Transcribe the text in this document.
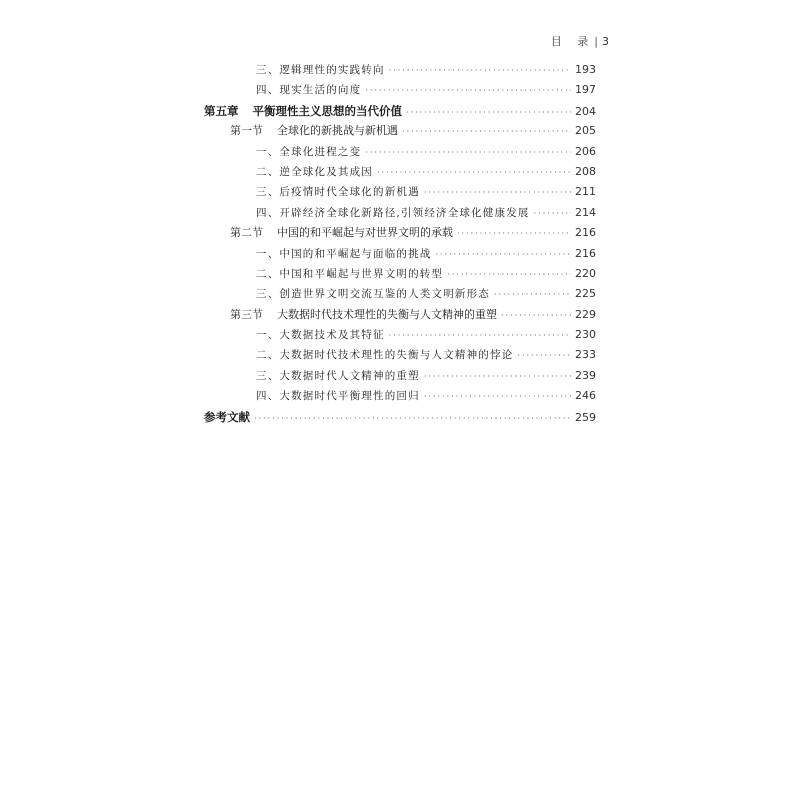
目 录| 3
三、逻辑理性的实践转向 ·····	193
四、现实生活的向度 ·····	197
第五章 平衡理性主义思想的当代价值 ·····	204
第一节 全球化的新挑战与新机遇 ·····	205
一、全球化进程之变 ·····	206
二、逆全球化及其成因 ·····	208
三、后疫情时代全球化的新机遇 ·····	211
四、开辟经济全球化新路径,引领经济全球化健康发展 ·····	214
第二节 中国的和平崛起与对世界文明的承载 ·····	216
一、中国的和平崛起与面临的挑战 ·····	216
二、中国和平崛起与世界文明的转型 ·····	220
三、创造世界文明交流互鉴的人类文明新形态 ·····	225
第三节 大数据时代技术理性的失衡与人文精神的重塑 ·····	229
一、大数据技术及其特征 ·····	230
二、大数据时代技术理性的失衡与人文精神的悖论 ·····	233
三、大数据时代人文精神的重塑 ·····	239
四、大数据时代平衡理性的回归 ·····	246
参考文献 ·····	259
